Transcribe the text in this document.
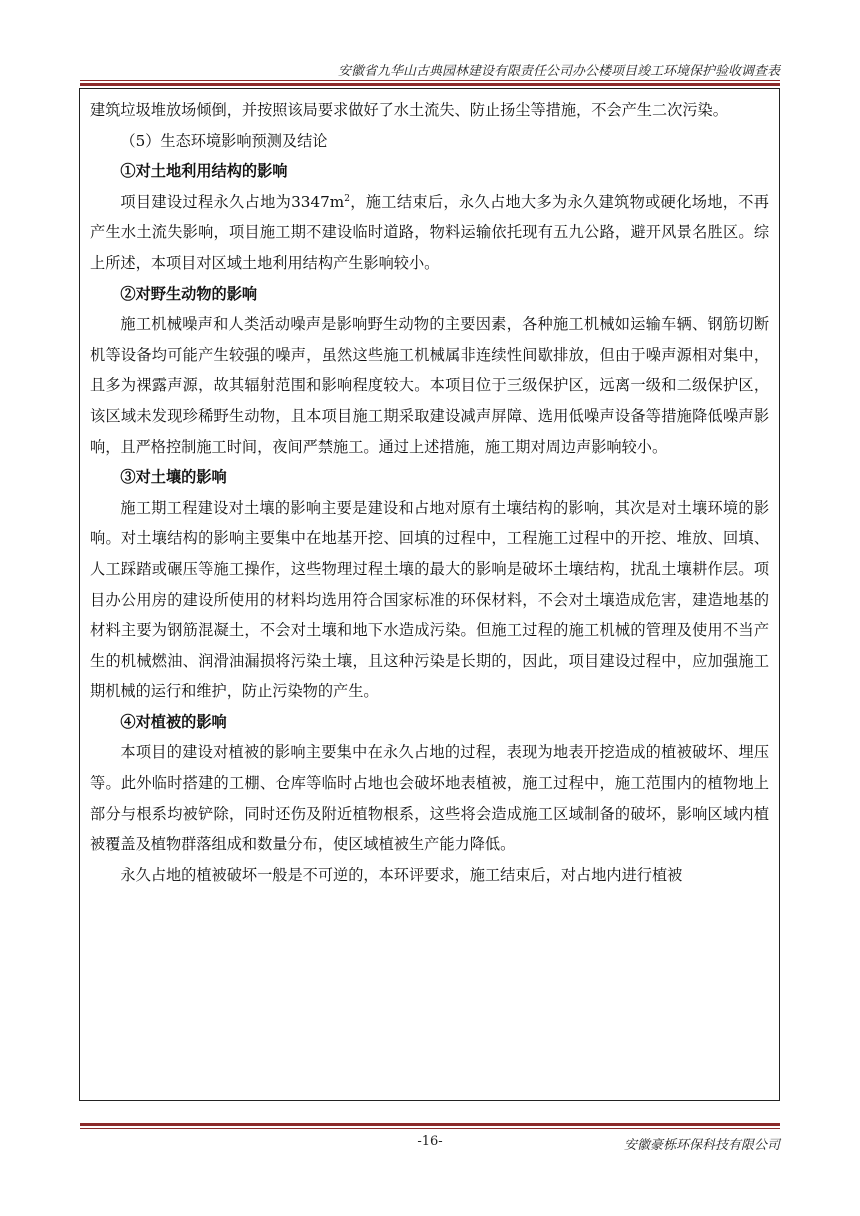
安徽省九华山古典园林建设有限责任公司办公楼项目竣工环境保护验收调查表

建筑垃圾堆放场倾倒，并按照该局要求做好了水土流失、防止扬尘等措施，不会产生二次污染。

（5）生态环境影响预测及结论

①对土地利用结构的影响

项目建设过程永久占地为$3347m^2$，施工结束后，永久占地大多为永久建筑物或硬化场地，不再产生水土流失影响，项目施工期不建设临时道路，物料运输依托现有五九公路，避开风景名胜区。综上所述，本项目对区域土地利用结构产生影响较小。

②对野生动物的影响

施工机械噪声和人类活动噪声是影响野生动物的主要因素，各种施工机械如运输车辆、钢筋切断机等设备均可能产生较强的噪声，虽然这些施工机械属非连续性间歇排放，但由于噪声源相对集中，且多为裸露声源，故其辐射范围和影响程度较大。本项目位于三级保护区，远离一级和二级保护区，该区域未发现珍稀野生动物，且本项目施工期采取建设减声屏障、选用低噪声设备等措施降低噪声影响，且严格控制施工时间，夜间严禁施工。通过上述措施，施工期对周边声影响较小。

③对土壤的影响

施工期工程建设对土壤的影响主要是建设和占地对原有土壤结构的影响，其次是对土壤环境的影响。对土壤结构的影响主要集中在地基开挖、回填的过程中，工程施工过程中的开挖、堆放、回填、人工踩踏或碾压等施工操作，这些物理过程土壤的最大的影响是破坏土壤结构，扰乱土壤耕作层。项目办公用房的建设所使用的材料均选用符合国家标准的环保材料，不会对土壤造成危害，建造地基的材料主要为钢筋混凝土，不会对土壤和地下水造成污染。但施工过程的施工机械的管理及使用不当产生的机械燃油、润滑油漏损将污染土壤，且这种污染是长期的，因此，项目建设过程中，应加强施工期机械的运行和维护，防止污染物的产生。

④对植被的影响

本项目的建设对植被的影响主要集中在永久占地的过程，表现为地表开挖造成的植被破坏、埋压等。此外临时搭建的工棚、仓库等临时占地也会破坏地表植被，施工过程中，施工范围内的植物地上部分与根系均被铲除，同时还伤及附近植物根系，这些将会造成施工区域制备的破坏，影响区域内植被覆盖及植物群落组成和数量分布，使区域植被生产能力降低。

永久占地的植被破坏一般是不可逆的，本环评要求，施工结束后，对占地内进行植被

-16-	安徽豪栎环保科技有限公司
